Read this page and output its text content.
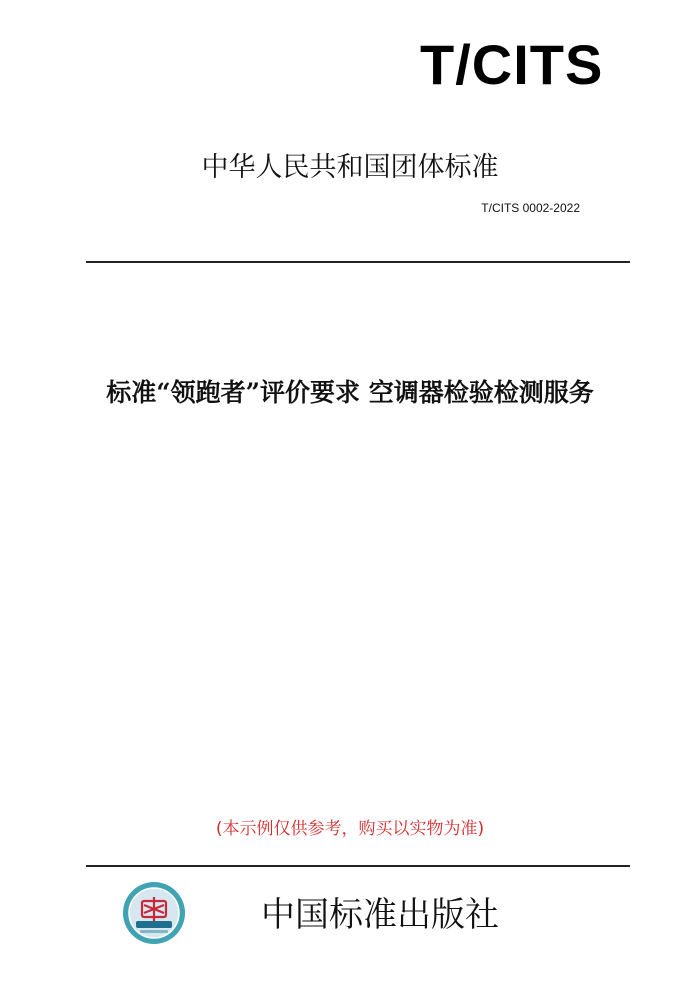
T/CITS
中华人民共和国团体标准
T/CITS 0002-2022
标准“领跑者”评价要求 空调器检验检测服务
(本示例仅供参考，购买以实物为准)
中国标准出版社
